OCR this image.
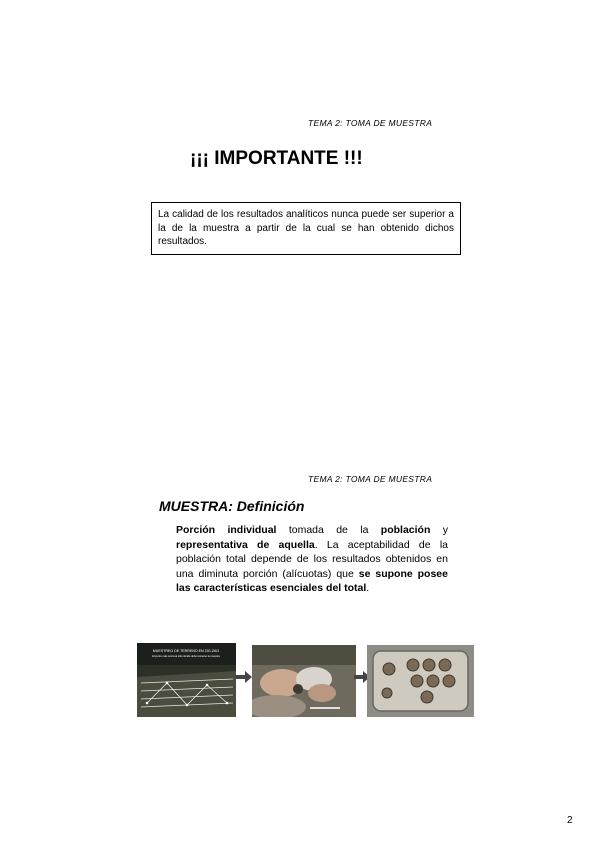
TEMA 2: TOMA DE MUESTRA
¡¡¡ IMPORTANTE !!!
La calidad de los resultados analíticos nunca puede ser superior a la de la muestra a partir de la cual se han obtenido dichos resultados.
TEMA 2: TOMA DE MUESTRA
MUESTRA: Definición
Porción individual tomada de la población y representativa de aquella. La aceptabilidad de la población total depende de los resultados obtenidos en una diminuta porción (alícuotas) que se supone posee las características esenciales del total.
MUESTREO DE TERRENO EN ZIG-ZAG
El punto más cerca al sitio donde debe tomarse la muestra
2
